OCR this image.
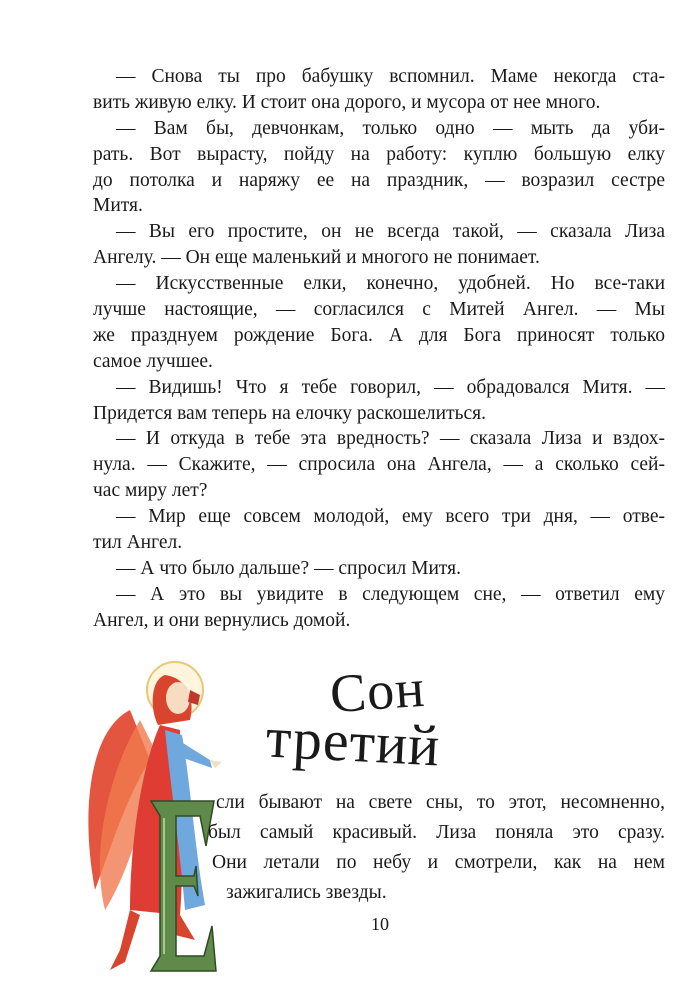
— Снова ты про бабушку вспомнил. Маме некогда ста-
вить живую елку. И стоит она дорого, и мусора от нее много.
— Вам бы, девчонкам, только одно — мыть да уби-
рать. Вот вырасту, пойду на работу: куплю большую елку
до потолка и наряжу ее на праздник, — возразил сестре
Митя.
— Вы его простите, он не всегда такой, — сказала Лиза
Ангелу. — Он еще маленький и многого не понимает.
— Искусственные елки, конечно, удобней. Но все-таки
лучше настоящие, — согласился с Митей Ангел. — Мы
же празднуем рождение Бога. А для Бога приносят только
самое лучшее.
— Видишь! Что я тебе говорил, — обрадовался Митя. —
Придется вам теперь на елочку раскошелиться.
— И откуда в тебе эта вредность? — сказала Лиза и вздох-
нула. — Скажите, — спросила она Ангела, — а сколько сей-
час миру лет?
— Мир еще совсем молодой, ему всего три дня, — отве-
тил Ангел.
— А что было дальше? — спросил Митя.
— А это вы увидите в следующем сне, — ответил ему
Ангел, и они вернулись домой.
Сон
третий
сли бывают на свете сны, то этот, несомненно,
был самый красивый. Лиза поняла это сразу.
Они летали по небу и смотрели, как на нем
зажигались звезды.
10
